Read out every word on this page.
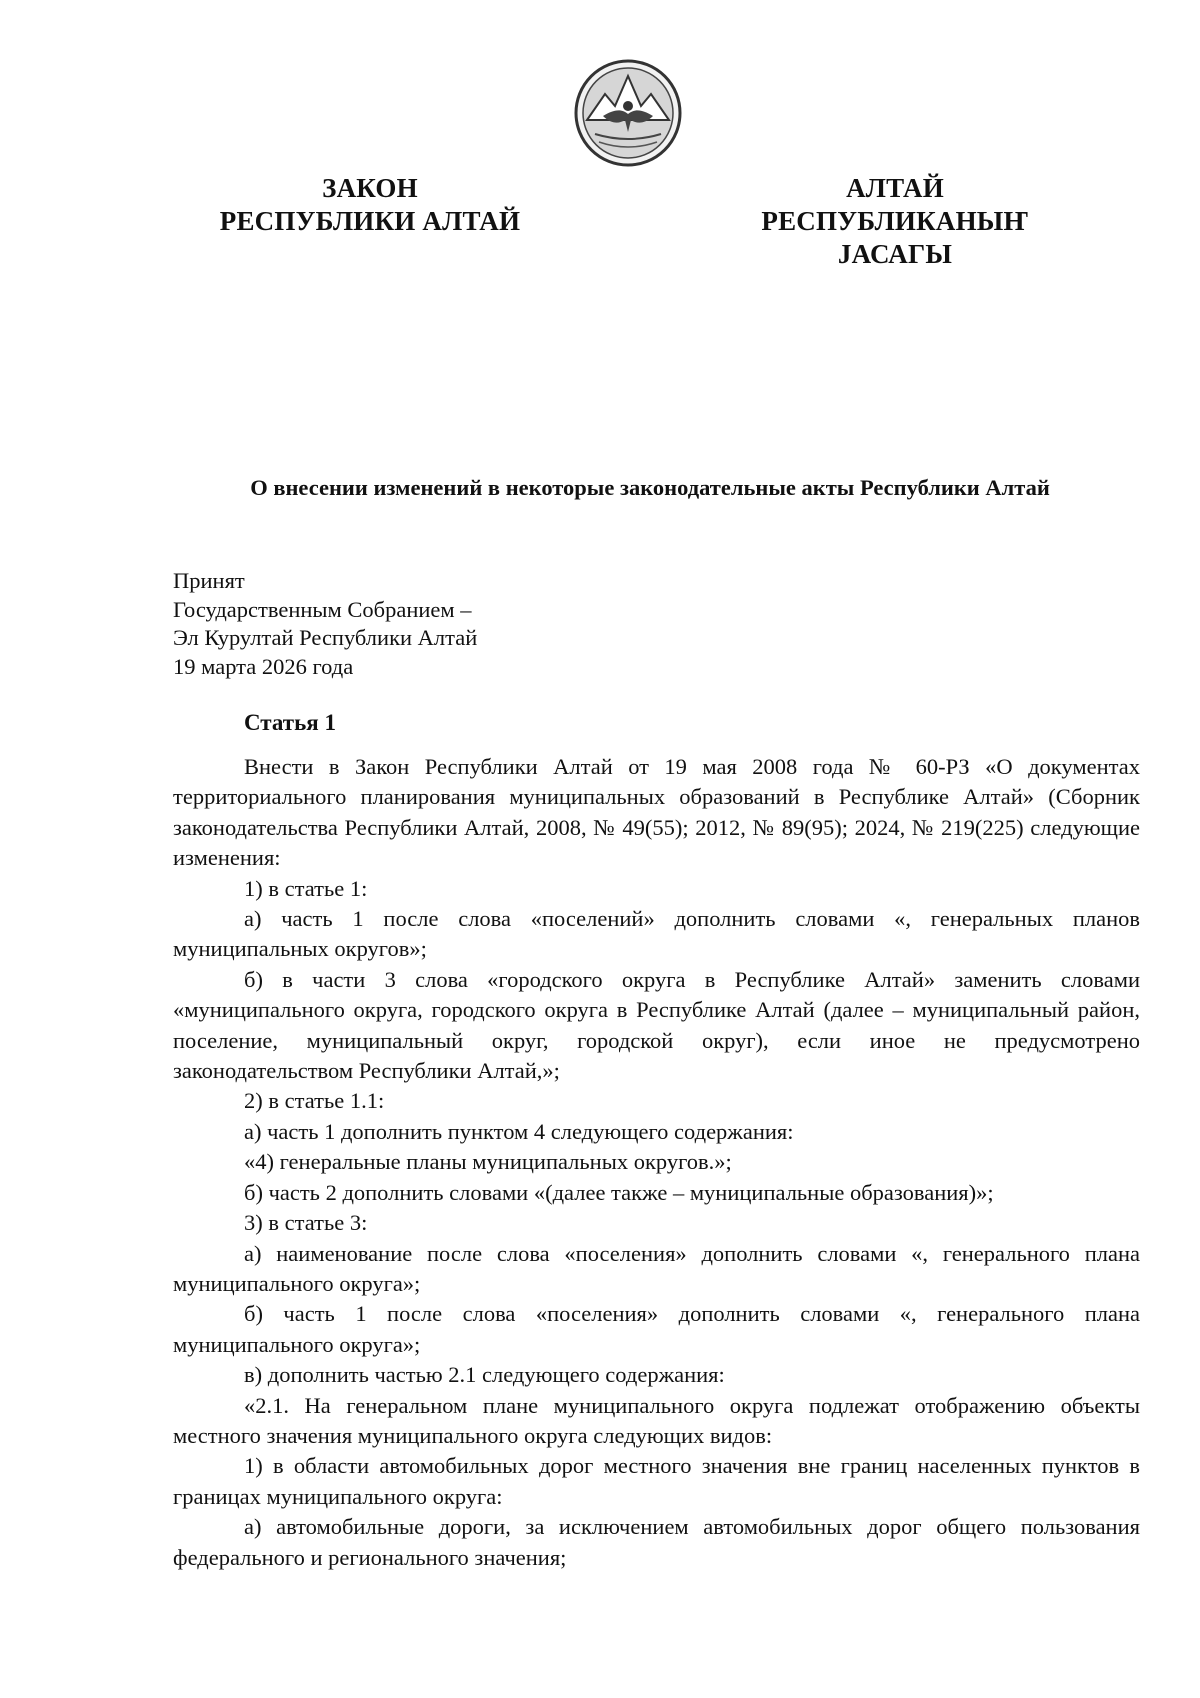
ЗАКОН
РЕСПУБЛИКИ АЛТАЙ
АЛТАЙ РЕСПУБЛИКАНЫҤ
ЈАСАГЫ
О внесении изменений в некоторые законодательные акты Республики Алтай
Принят
Государственным Собранием –
Эл Курултай Республики Алтай
19 марта 2026 года
Статья 1

Внести в Закон Республики Алтай от 19 мая 2008 года № 60-РЗ «О документах территориального планирования муниципальных образований в Республике Алтай» (Сборник законодательства Республики Алтай, 2008, № 49(55); 2012, № 89(95); 2024, № 219(225) следующие изменения:

1) в статье 1:

а) часть 1 после слова «поселений» дополнить словами «, генеральных планов муниципальных округов»;

б) в части 3 слова «городского округа в Республике Алтай» заменить словами «муниципального округа, городского округа в Республике Алтай (далее – муниципальный район, поселение, муниципальный округ, городской округ), если иное не предусмотрено законодательством Республики Алтай,»;

2) в статье 1.1:

а) часть 1 дополнить пунктом 4 следующего содержания:

«4) генеральные планы муниципальных округов.»;

б) часть 2 дополнить словами «(далее также – муниципальные образования)»;

3) в статье 3:

а) наименование после слова «поселения» дополнить словами «, генерального плана муниципального округа»;

б) часть 1 после слова «поселения» дополнить словами «, генерального плана муниципального округа»;

в) дополнить частью 2.1 следующего содержания:

«2.1. На генеральном плане муниципального округа подлежат отображению объекты местного значения муниципального округа следующих видов:

1) в области автомобильных дорог местного значения вне границ населенных пунктов в границах муниципального округа:

а) автомобильные дороги, за исключением автомобильных дорог общего пользования федерального и регионального значения;
